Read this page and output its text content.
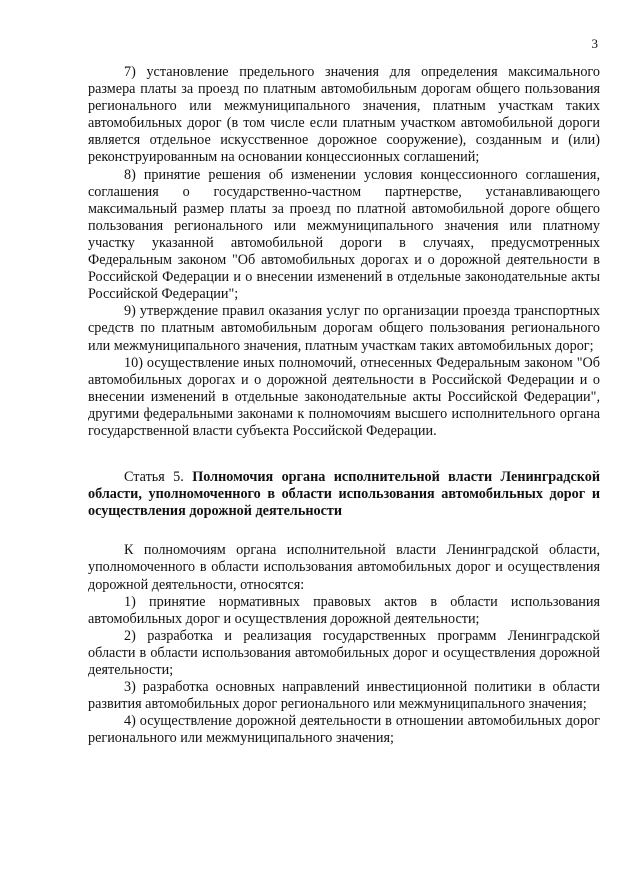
3

7) установление предельного значения для определения максимального размера платы за проезд по платным автомобильным дорогам общего пользования регионального или межмуниципального значения, платным участкам таких автомобильных дорог (в том числе если платным участком автомобильной дороги является отдельное искусственное дорожное сооружение), созданным и (или) реконструированным на основании концессионных соглашений;

8) принятие решения об изменении условия концессионного соглашения, соглашения о государственно-частном партнерстве, устанавливающего максимальный размер платы за проезд по платной автомобильной дороге общего пользования регионального или межмуниципального значения или платному участку указанной автомобильной дороги в случаях, предусмотренных Федеральным законом "Об автомобильных дорогах и о дорожной деятельности в Российской Федерации и о внесении изменений в отдельные законодательные акты Российской Федерации";

9) утверждение правил оказания услуг по организации проезда транспортных средств по платным автомобильным дорогам общего пользования регионального или межмуниципального значения, платным участкам таких автомобильных дорог;

10) осуществление иных полномочий, отнесенных Федеральным законом "Об автомобильных дорогах и о дорожной деятельности в Российской Федерации и о внесении изменений в отдельные законодательные акты Российской Федерации", другими федеральными законами к полномочиям высшего исполнительного органа государственной власти субъекта Российской Федерации.

Статья 5. Полномочия органа исполнительной власти Ленинградской области, уполномоченного в области использования автомобильных дорог и осуществления дорожной деятельности

К полномочиям органа исполнительной власти Ленинградской области, уполномоченного в области использования автомобильных дорог и осуществления дорожной деятельности, относятся:

1) принятие нормативных правовых актов в области использования автомобильных дорог и осуществления дорожной деятельности;

2) разработка и реализация государственных программ Ленинградской области в области использования автомобильных дорог и осуществления дорожной деятельности;

3) разработка основных направлений инвестиционной политики в области развития автомобильных дорог регионального или межмуниципального значения;

4) осуществление дорожной деятельности в отношении автомобильных дорог регионального или межмуниципального значения;
